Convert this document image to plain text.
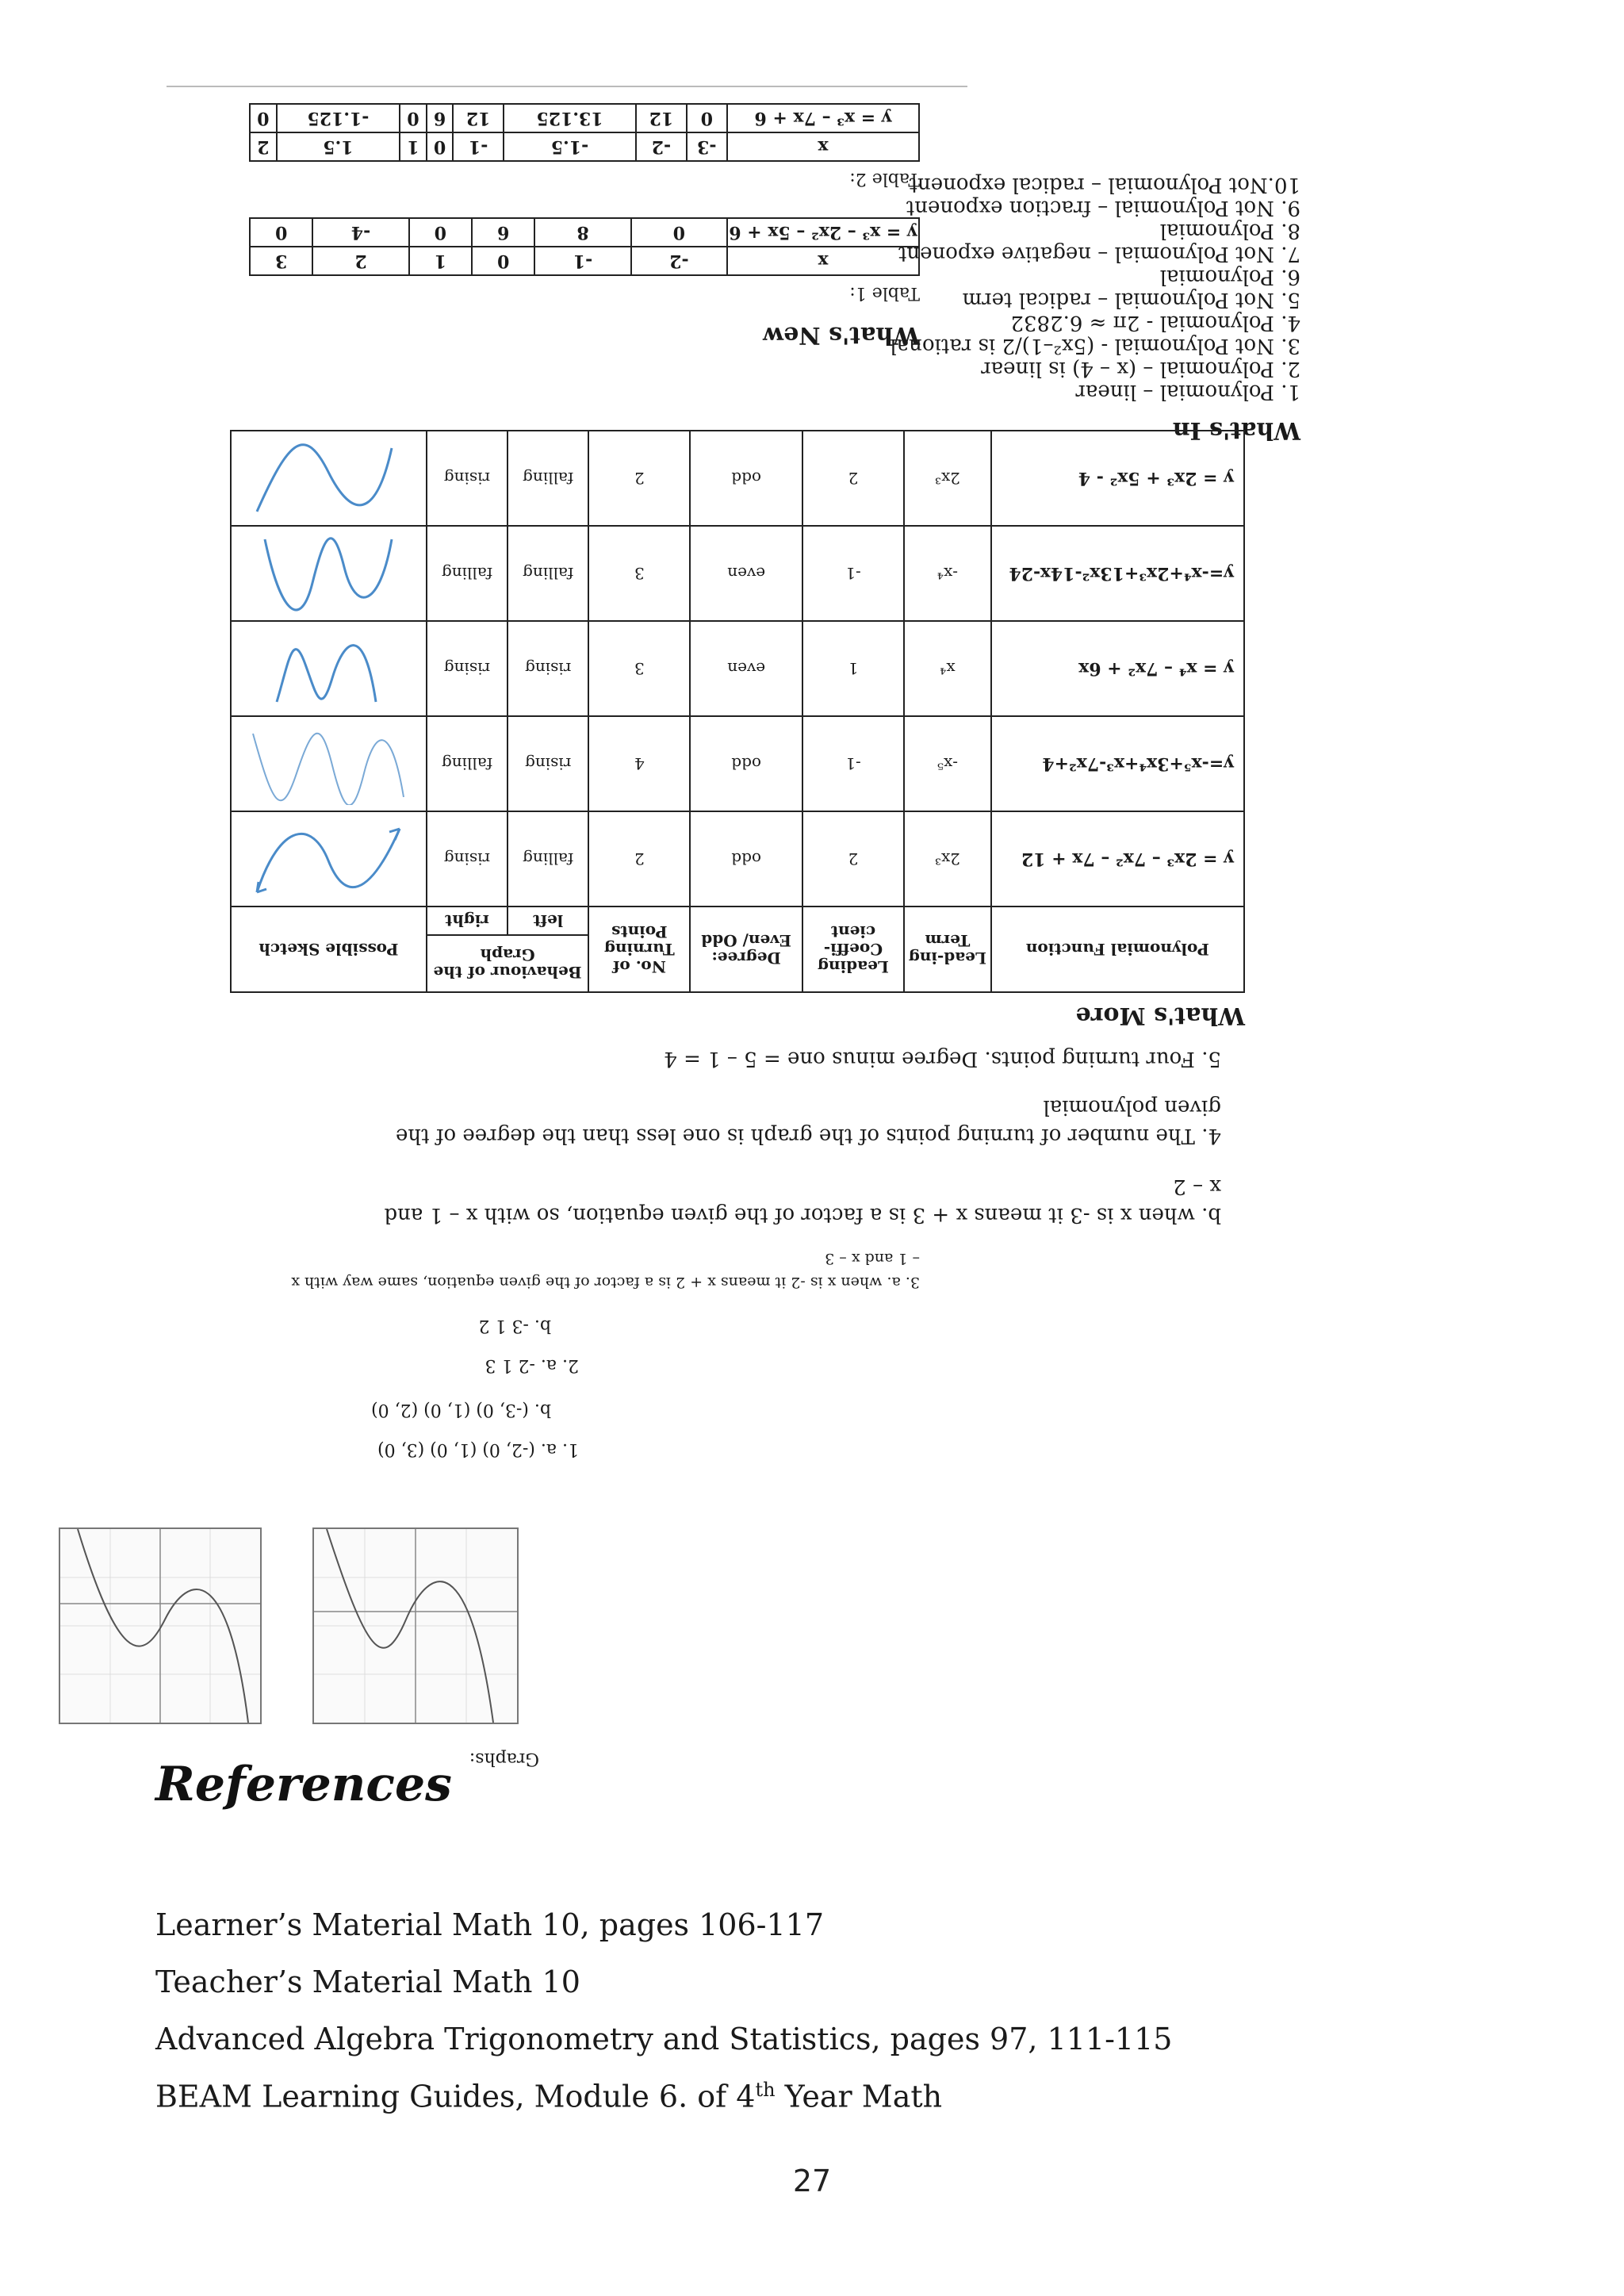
What's In
1. Polynomial – linear
2. Polynomial – (x – 4) is linear
3. Not Polynomial - (5x²–1)/2 is rational
4. Polynomial - 2π ≈ 6.2832
5. Not Polynomial – radical term
6. Polynomial
7. Not Polynomial – negative exponent
8. Polynomial
9. Not Polynomial – fraction exponent
10.Not Polynomial – radical exponent
What's New
Table 1:
x	-2	-1	0	1	2	3
y = x³ – 2x² – 5x + 6	0	8	6	0	-4	0
Table 2:
x	-3	-2	-1.5	-1	0	1	1.5	2
y = x³ – 7x + 6	0	12	13.125	12	6	0	-1.125	0
What's More
Polynomial Function	Lead-ing Term	Leading Coeffi-cient	Degree: Even/ Odd	No. of Turning Points	Behaviour of the Graph		Possible Sketch
					left	right	
y = 2x³ – 7x² – 7x + 12	2x³	2	odd	2	falling	rising	
y=-x⁵+3x⁴+x³-7x²+4	-x⁵	-1	odd	4	rising	falling	
y = x⁴ – 7x² + 6x	x⁴	1	even	3	rising	rising	
y=-x⁴+2x³+13x²-14x-24	-x⁴	-1	even	3	falling	falling	
y = 2x³ + 5x² - 4	2x³	2	odd	2	falling	rising	
1. a. (-2, 0) (1, 0) (3, 0)
b. (-3, 0) (1, 0) (2, 0)
2. a. -2 1 3
b. -3 1 2
3. a. when x is -2 it means x + 2 is a factor of the given equation, same way with x
– 1 and x – 3
b. when x is -3 it means x + 3 is a factor of the given equation, so with x – 1 and
x – 2
4. The number of turning points of the graph is one less than the degree of the
given polynomial
5. Four turning points. Degree minus one = 5 – 1 = 4
Graphs:
References
Learner’s Material Math 10, pages 106-117
Teacher’s Material Math 10
Advanced Algebra Trigonometry and Statistics, pages 97, 111-115
BEAM Learning Guides, Module 6. of 4th Year Math
27
